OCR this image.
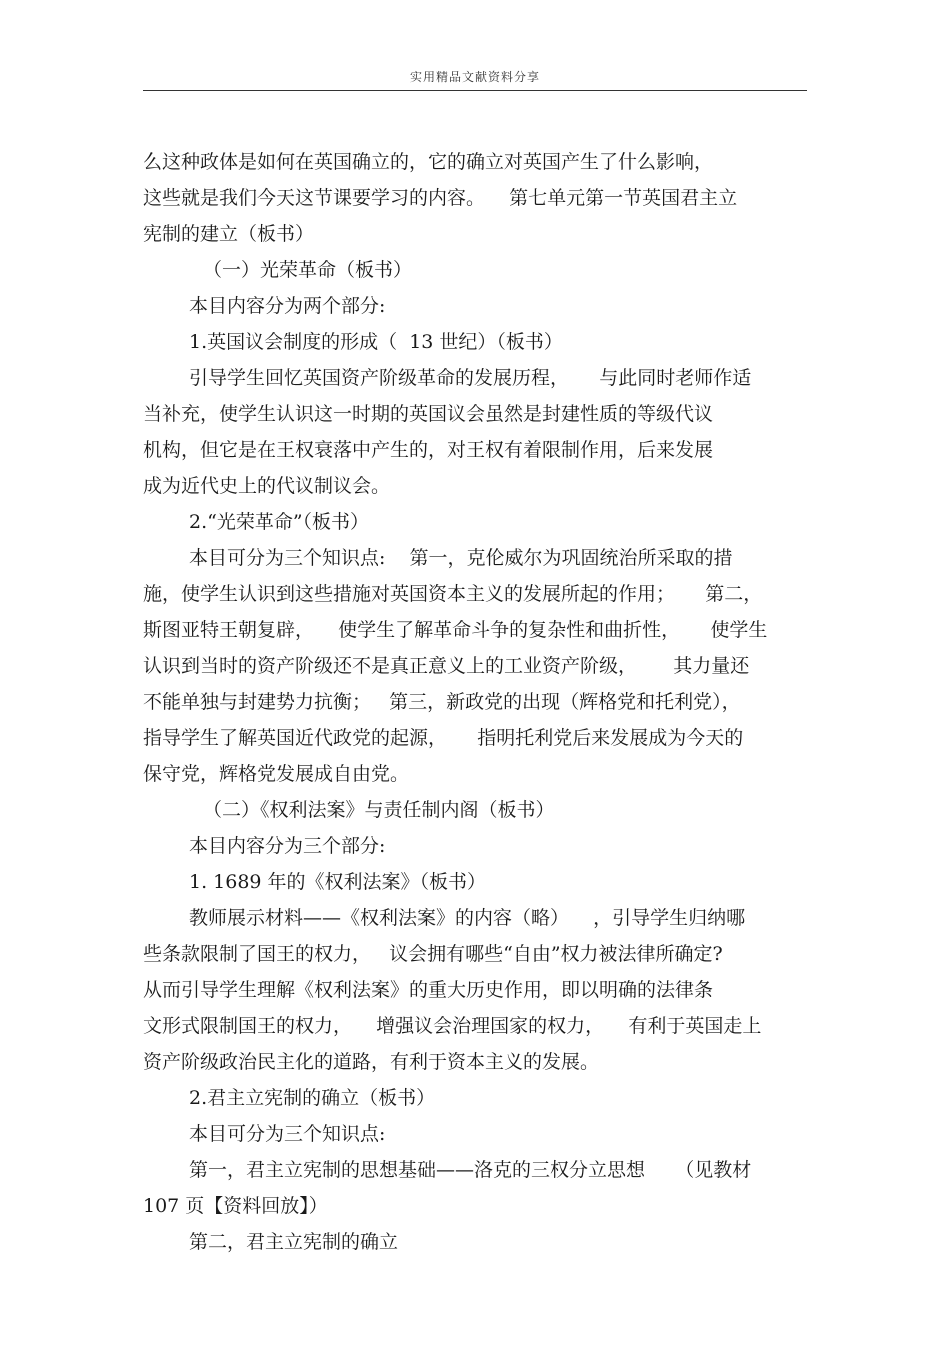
实用精品文献资料分享
么这种政体是如何在英国确立的，它的确立对英国产生了什么影响，
这些就是我们今天这节课要学习的内容。    第七单元第一节英国君主立
宪制的建立（板书）
（一）光荣革命（板书）
本目内容分为两个部分:
1.英国议会制度的形成（  13 世纪）（板书）
引导学生回忆英国资产阶级革命的发展历程，     与此同时老师作适
当补充，使学生认识这一时期的英国议会虽然是封建性质的等级代议
机构，但它是在王权衰落中产生的，对王权有着限制作用，后来发展
成为近代史上的代议制议会。
2.“光荣革命”（板书）
本目可分为三个知识点:    第一，克伦威尔为巩固统治所采取的措
施，使学生认识到这些措施对英国资本主义的发展所起的作用；     第二，
斯图亚特王朝复辟，    使学生了解革命斗争的复杂性和曲折性，     使学生
认识到当时的资产阶级还不是真正意义上的工业资产阶级，      其力量还
不能单独与封建势力抗衡；   第三，新政党的出现（辉格党和托利党），
指导学生了解英国近代政党的起源，     指明托利党后来发展成为今天的
保守党，辉格党发展成自由党。
（二）《权利法案》与责任制内阁（板书）
本目内容分为三个部分:
1. 1689 年的《权利法案》（板书）
教师展示材料——《权利法案》的内容（略）    ，引导学生归纳哪
些条款限制了国王的权力，   议会拥有哪些“自由”权力被法律所确定?
从而引导学生理解《权利法案》的重大历史作用，即以明确的法律条
文形式限制国王的权力，    增强议会治理国家的权力，    有利于英国走上
资产阶级政治民主化的道路，有利于资本主义的发展。
2.君主立宪制的确立（板书）
本目可分为三个知识点:
第一，君主立宪制的思想基础——洛克的三权分立思想     （见教材
107 页【资料回放】）
第二，君主立宪制的确立
